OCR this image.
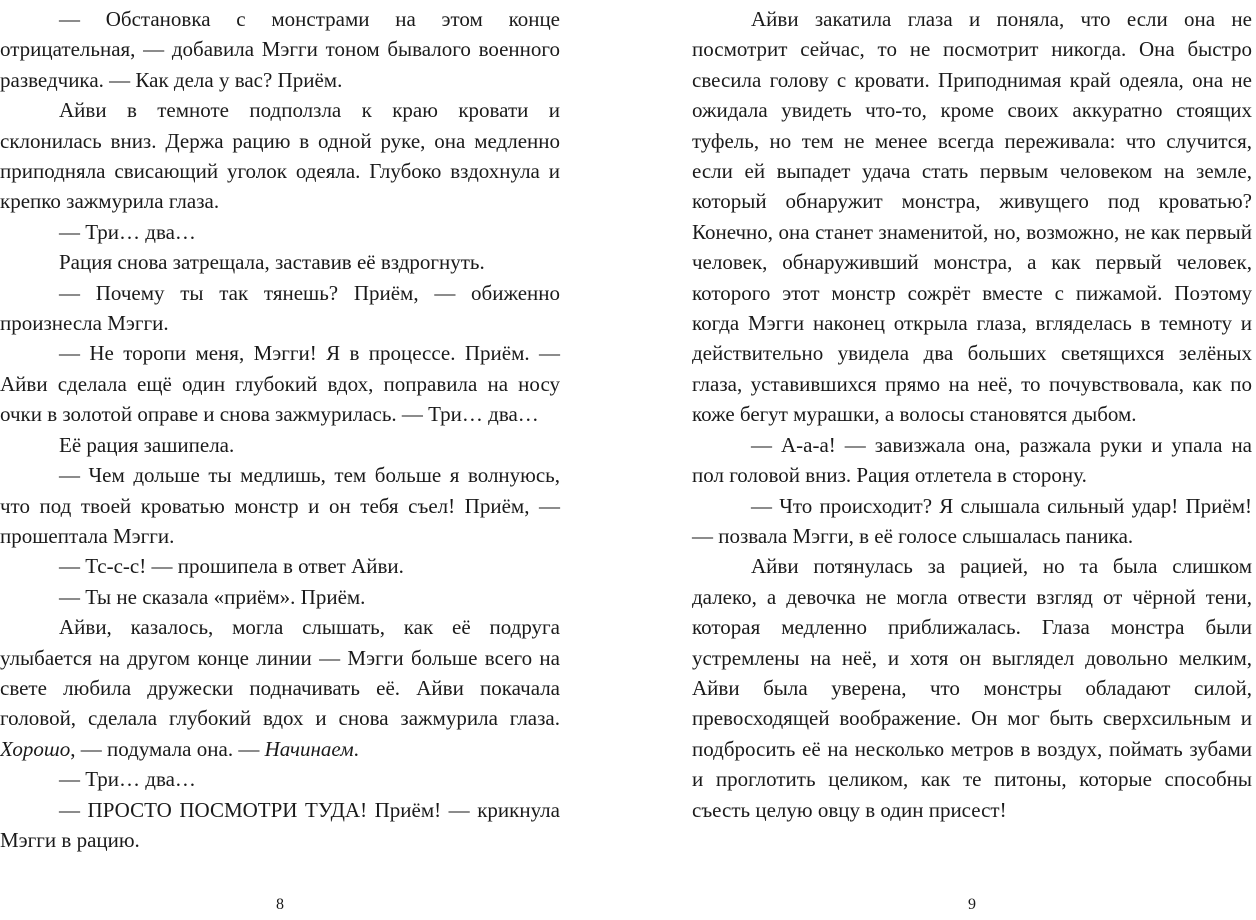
— Обстановка с монстрами на этом конце отрицательная, — добавила Мэгги тоном бывалого военного разведчика. — Как дела у вас? Приём.

Айви в темноте подползла к краю кровати и склонилась вниз. Держа рацию в одной руке, она медленно приподняла свисающий уголок одеяла. Глубоко вздохнула и крепко зажмурила глаза.

— Три… два…

Рация снова затрещала, заставив её вздрогнуть.

— Почему ты так тянешь? Приём, — обиженно произнесла Мэгги.

— Не торопи меня, Мэгги! Я в процессе. Приём. — Айви сделала ещё один глубокий вдох, поправила на носу очки в золотой оправе и снова зажмурилась. — Три… два…

Её рация зашипела.

— Чем дольше ты медлишь, тем больше я волнуюсь, что под твоей кроватью монстр и он тебя съел! Приём, — прошептала Мэгги.

— Тс-с-с! — прошипела в ответ Айви.

— Ты не сказала «приём». Приём.

Айви, казалось, могла слышать, как её подруга улыбается на другом конце линии — Мэгги больше всего на свете любила дружески подначивать её. Айви покачала головой, сделала глубокий вдох и снова зажмурила глаза. Хорошо, — подумала она. — Начинаем.

— Три… два…

— ПРОСТО ПОСМОТРИ ТУДА! Приём! — крикнула Мэгги в рацию.

8

Айви закатила глаза и поняла, что если она не посмотрит сейчас, то не посмотрит никогда. Она быстро свесила голову с кровати. Приподнимая край одеяла, она не ожидала увидеть что-то, кроме своих аккуратно стоящих туфель, но тем не менее всегда переживала: что случится, если ей выпадет удача стать первым человеком на земле, который обнаружит монстра, живущего под кроватью? Конечно, она станет знаменитой, но, возможно, не как первый человек, обнаруживший монстра, а как первый человек, которого этот монстр сожрёт вместе с пижамой. Поэтому когда Мэгги наконец открыла глаза, вгляделась в темноту и действительно увидела два больших светящихся зелёных глаза, уставившихся прямо на неё, то почувствовала, как по коже бегут мурашки, а волосы становятся дыбом.

— А-а-а! — завизжала она, разжала руки и упала на пол головой вниз. Рация отлетела в сторону.

— Что происходит? Я слышала сильный удар! Приём! — позвала Мэгги, в её голосе слышалась паника.

Айви потянулась за рацией, но та была слишком далеко, а девочка не могла отвести взгляд от чёрной тени, которая медленно приближалась. Глаза монстра были устремлены на неё, и хотя он выглядел довольно мелким, Айви была уверена, что монстры обладают силой, превосходящей воображение. Он мог быть сверхсильным и подбросить её на несколько метров в воздух, поймать зубами и проглотить целиком, как те питоны, которые способны съесть целую овцу в один присест!

9
